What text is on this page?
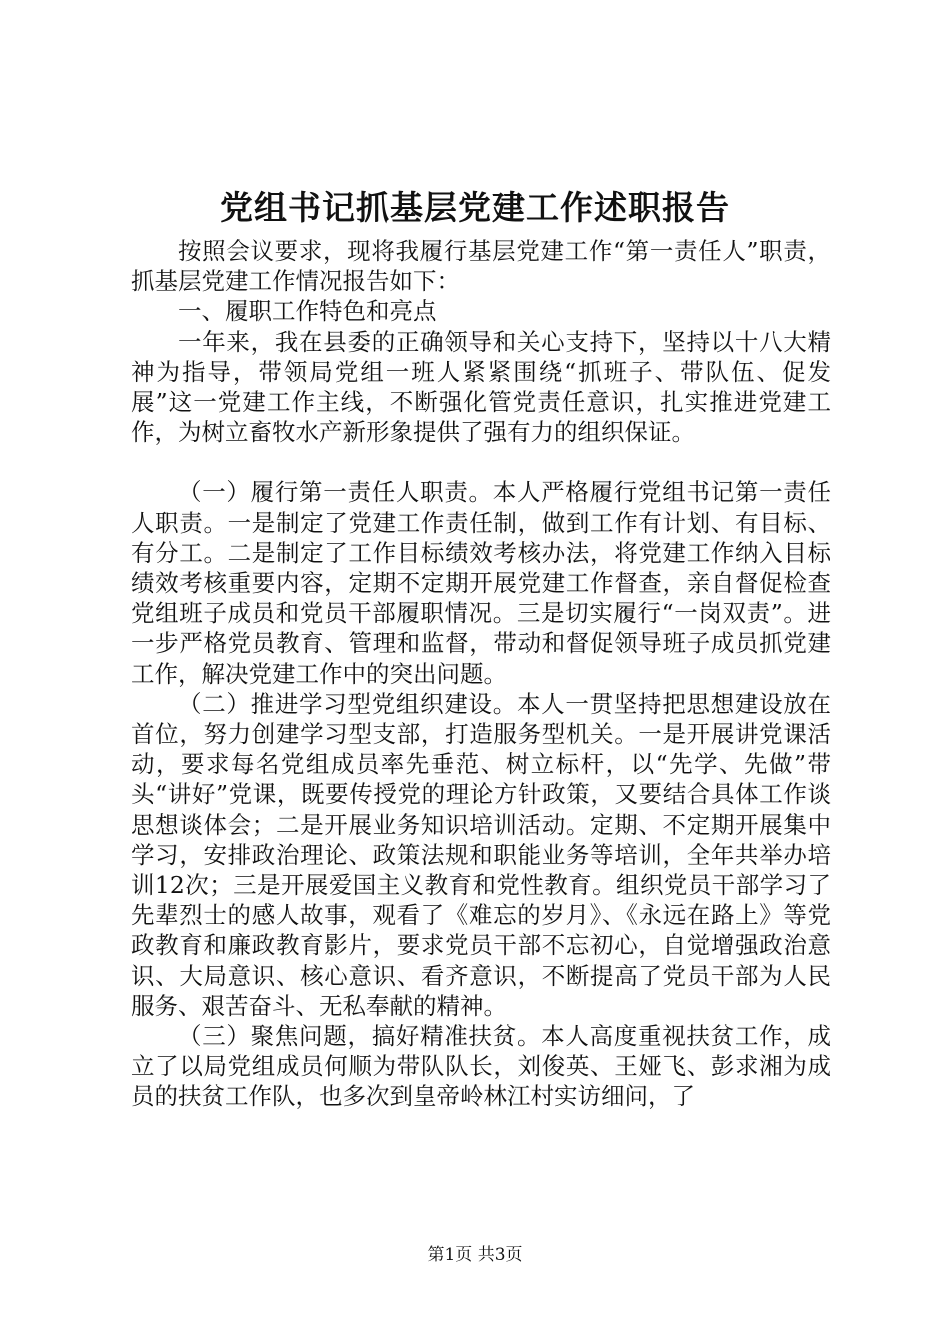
党组书记抓基层党建工作述职报告

按照会议要求，现将我履行基层党建工作“第一责任人”职责，抓基层党建工作情况报告如下：

一、履职工作特色和亮点

一年来，我在县委的正确领导和关心支持下，坚持以十八大精神为指导，带领局党组一班人紧紧围绕“抓班子、带队伍、促发展”这一党建工作主线，不断强化管党责任意识，扎实推进党建工作，为树立畜牧水产新形象提供了强有力的组织保证。

（一）履行第一责任人职责。本人严格履行党组书记第一责任人职责。一是制定了党建工作责任制，做到工作有计划、有目标、有分工。二是制定了工作目标绩效考核办法，将党建工作纳入目标绩效考核重要内容，定期不定期开展党建工作督查，亲自督促检查党组班子成员和党员干部履职情况。三是切实履行“一岗双责”。进一步严格党员教育、管理和监督，带动和督促领导班子成员抓党建工作，解决党建工作中的突出问题。

（二）推进学习型党组织建设。本人一贯坚持把思想建设放在首位，努力创建学习型支部，打造服务型机关。一是开展讲党课活动，要求每名党组成员率先垂范、树立标杆，以“先学、先做”带头“讲好”党课，既要传授党的理论方针政策，又要结合具体工作谈思想谈体会；二是开展业务知识培训活动。定期、不定期开展集中学习，安排政治理论、政策法规和职能业务等培训，全年共举办培训12次；三是开展爱国主义教育和党性教育。组织党员干部学习了先辈烈士的感人故事，观看了《难忘的岁月》、《永远在路上》等党政教育和廉政教育影片，要求党员干部不忘初心，自觉增强政治意识、大局意识、核心意识、看齐意识，不断提高了党员干部为人民服务、艰苦奋斗、无私奉献的精神。

（三）聚焦问题，搞好精准扶贫。本人高度重视扶贫工作，成立了以局党组成员何顺为带队队长，刘俊英、王娅飞、彭求湘为成员的扶贫工作队，也多次到皇帝岭林江村实访细问，了

第1页 共3页
